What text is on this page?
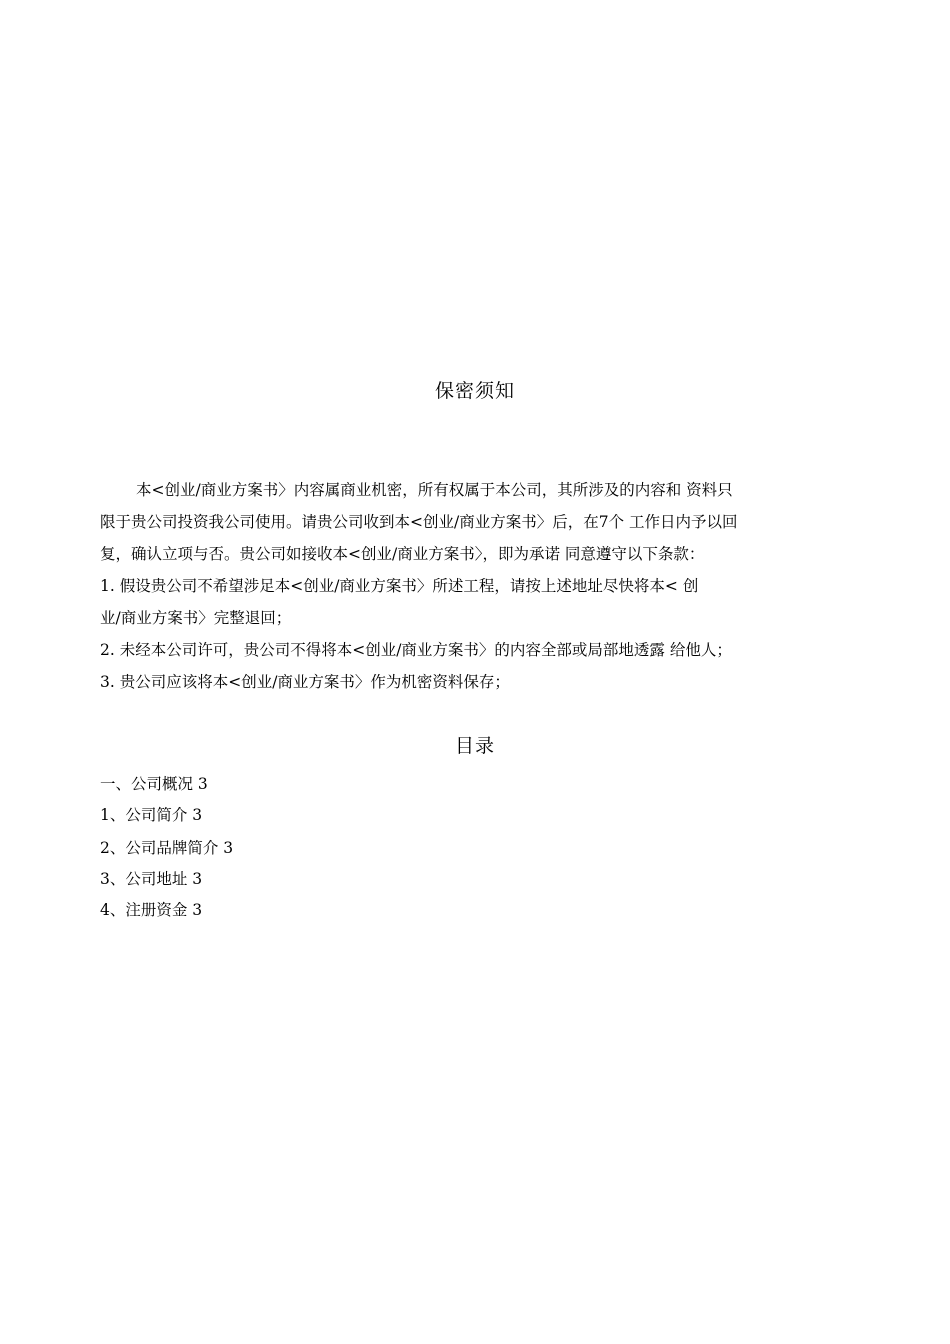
保密须知
本<创业/商业方案书〉内容属商业机密，所有权属于本公司，其所涉及的内容和 资料只
限于贵公司投资我公司使用。请贵公司收到本<创业/商业方案书〉后，在7个 工作日内予以回
复，确认立项与否。贵公司如接收本<创业/商业方案书〉，即为承诺 同意遵守以下条款：
1. 假设贵公司不希望涉足本<创业/商业方案书〉所述工程，请按上述地址尽快将本< 创
业/商业方案书〉完整退回；
2. 未经本公司许可，贵公司不得将本<创业/商业方案书〉的内容全部或局部地透露 给他人；
3. 贵公司应该将本<创业/商业方案书〉作为机密资料保存；
目录
一、公司概况 3
1、公司简介 3
2、公司品牌简介 3
3、公司地址 3
4、注册资金 3
